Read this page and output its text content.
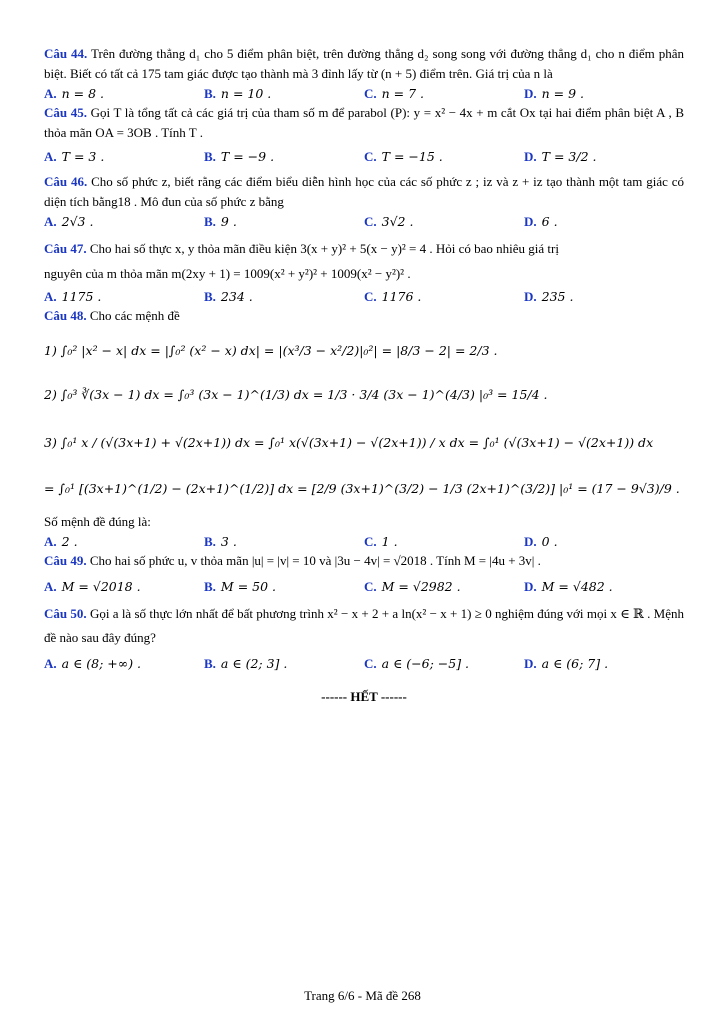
Câu 44. Trên đường thẳng d₁ cho 5 điểm phân biệt, trên đường thẳng d₂ song song với đường thẳng d₁ cho n điểm phân biệt. Biết có tất cả 175 tam giác được tạo thành mà 3 đỉnh lấy từ (n + 5) điểm trên. Giá trị của n là

A. n = 8 .	B. n = 10 .	C. n = 7 .	D. n = 9 .

Câu 45. Gọi T là tổng tất cả các giá trị của tham số m để parabol (P): y = x² − 4x + m cắt Ox tại hai điểm phân biệt A , B thỏa mãn OA = 3OB . Tính T .

A. T = 3 .	B. T = −9 .	C. T = −15 .	D. T = 3/2 .

Câu 46. Cho số phức z, biết rằng các điểm biểu diễn hình học của các số phức z ; iz và z + iz tạo thành một tam giác có diện tích bằng18 . Mô đun của số phức z bằng

A. 2√3 .	B. 9 .	C. 3√2 .	D. 6 .

Câu 47. Cho hai số thực x, y thỏa mãn điều kiện 3(x + y)² + 5(x − y)² = 4 . Hỏi có bao nhiêu giá trị

nguyên của m thỏa mãn m(2xy + 1) = 1009(x² + y²)² + 1009(x² − y²)² .

A. 1175 .	B. 234 .	C. 1176 .	D. 235 .

Câu 48. Cho các mệnh đề

1) ∫₀² |x² − x| dx = |∫₀² (x² − x) dx| = |(x³/3 − x²/2)|₀²| = |8/3 − 2| = 2/3 .

2) ∫₀³ ∛(3x − 1) dx = ∫₀³ (3x − 1)^(1/3) dx = 1/3 · 3/4 (3x − 1)^(4/3) |₀³ = 15/4 .

3) ∫₀¹ x / (√(3x+1) + √(2x+1)) dx = ∫₀¹ x(√(3x+1) − √(2x+1)) / x dx = ∫₀¹ (√(3x+1) − √(2x+1)) dx

= ∫₀¹ [(3x+1)^(1/2) − (2x+1)^(1/2)] dx = [2/9 (3x+1)^(3/2) − 1/3 (2x+1)^(3/2)] |₀¹ = (17 − 9√3)/9 .

Số mệnh đề đúng là:

A. 2 .	B. 3 .	C. 1 .	D. 0 .

Câu 49. Cho hai số phức u, v thỏa mãn |u| = |v| = 10 và |3u − 4v| = √2018 . Tính M = |4u + 3v| .

A. M = √2018 .	B. M = 50 .	C. M = √2982 .	D. M = √482 .

Câu 50. Gọi a là số thực lớn nhất để bất phương trình x² − x + 2 + a ln(x² − x + 1) ≥ 0 nghiệm đúng với mọi x ∈ ℝ . Mệnh đề nào sau đây đúng?

A. a ∈ (8; +∞) .	B. a ∈ (2; 3] .	C. a ∈ (−6; −5] .	D. a ∈ (6; 7] .
------ HẾT ------
Trang 6/6 - Mã đề 268
